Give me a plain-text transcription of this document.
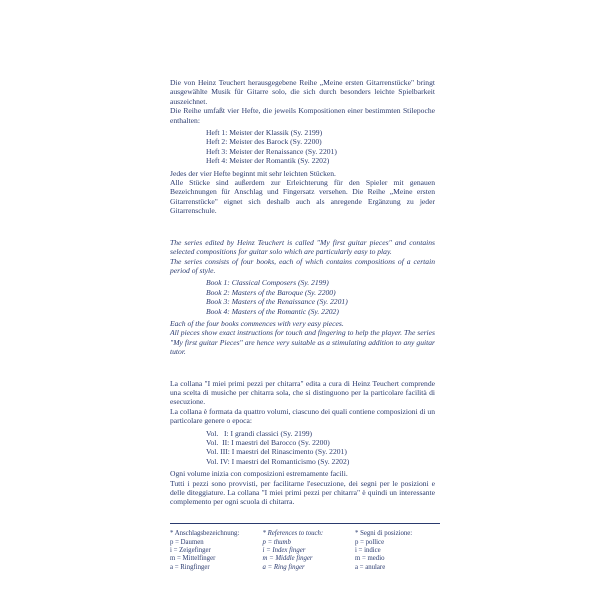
Die von Heinz Teuchert herausgegebene Reihe „Meine ersten Gitarrenstücke" bringt ausgewählte Musik für Gitarre solo, die sich durch besonders leichte Spielbarkeit auszeichnet.

Die Reihe umfaßt vier Hefte, die jeweils Kompositionen einer bestimmten Stilepoche enthalten:

Heft 1: Meister der Klassik (Sy. 2199)

Heft 2: Meister des Barock (Sy. 2200)

Heft 3: Meister der Renaissance (Sy. 2201)

Heft 4: Meister der Romantik (Sy. 2202)

Jedes der vier Hefte beginnt mit sehr leichten Stücken.

Alle Stücke sind außerdem zur Erleichterung für den Spieler mit genauen Bezeichnungen für Anschlag und Fingersatz versehen. Die Reihe „Meine ersten Gitarrenstücke" eignet sich deshalb auch als anregende Ergänzung zu jeder Gitarrenschule.

The series edited by Heinz Teuchert is called "My first guitar pieces" and contains selected compositions for guitar solo which are particularly easy to play.

The series consists of four books, each of which contains compositions of a certain period of style.

Book 1: Classical Composers (Sy. 2199)

Book 2: Masters of the Baroque (Sy. 2200)

Book 3: Masters of the Renaissance (Sy. 2201)

Book 4: Masters of the Romantic (Sy. 2202)

Each of the four books commences with very easy pieces.

All pieces show exact instructions for touch and fingering to help the player. The series "My first guitar Pieces" are hence very suitable as a stimulating addition to any guitar tutor.

La collana "I miei primi pezzi per chitarra" edita a cura di Heinz Teuchert comprende una scelta di musiche per chitarra sola, che si distinguono per la particolare facilità di esecuzione.

La collana è formata da quattro volumi, ciascuno dei quali contiene composizioni di un particolare genere o epoca:

Vol.   I: I grandi classici (Sy. 2199)

Vol.  II: I maestri del Barocco (Sy. 2200)

Vol. III: I maestri del Rinascimento (Sy. 2201)

Vol. IV: I maestri del Romanticismo (Sy. 2202)

Ogni volume inizia con composizioni estremamente facili.

Tutti i pezzi sono provvisti, per facilitarne l'esecuzione, dei segni per le posizioni e delle diteggiature. La collana "I miei primi pezzi per chitarra" è quindi un interessante complemento per ogni scuola di chitarra.

* Anschlagsbezeichnung:
p = Daumen
i = Zeigefinger
m = Mittelfinger
a = Ringfinger
* References to touch:
p = thumb
i = Index finger
m = Middle finger
a = Ring finger
* Segni di posizione:
p = pollice
i = indice
m = medio
a = anulare
